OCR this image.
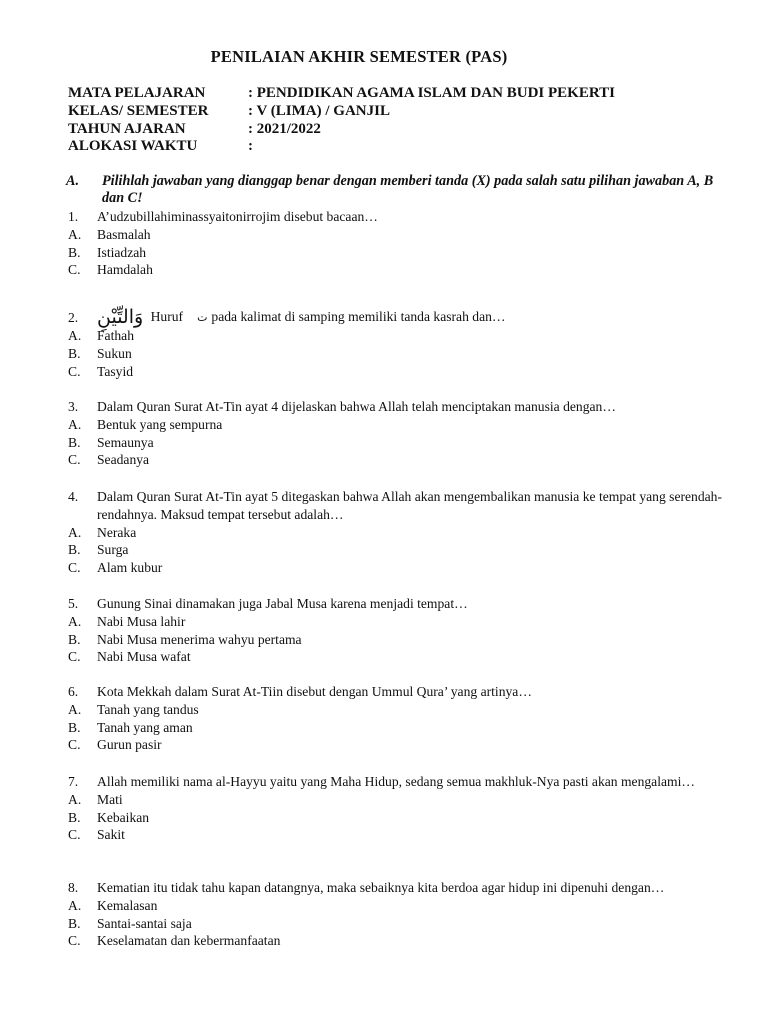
PENILAIAN AKHIR SEMESTER (PAS)
MATA PELAJARAN	: PENDIDIKAN AGAMA ISLAM DAN BUDI PEKERTI
KELAS/ SEMESTER	: V (LIMA) / GANJIL
TAHUN AJARAN	: 2021/2022
ALOKASI WAKTU	:
A. Pilihlah jawaban yang dianggap benar dengan memberi tanda (X) pada salah satu pilihan jawaban A, B dan C!
1.	A’udzubillahiminassyaitonirrojim disebut bacaan…
A.	Basmalah
B.	Istiadzah
C.	Hamdalah
2. وَالتِّيْنِ Huruf ت pada kalimat di samping memiliki tanda kasrah dan…
A.	Fathah
B.	Sukun
C.	Tasyid
3.	Dalam Quran Surat At-Tin ayat 4 dijelaskan bahwa Allah telah menciptakan manusia dengan…
A.	Bentuk yang sempurna
B.	Semaunya
C.	Seadanya
4.	Dalam Quran Surat At-Tin ayat 5 ditegaskan bahwa Allah akan mengembalikan manusia ke tempat yang serendah-rendahnya. Maksud tempat tersebut adalah…
A.	Neraka
B.	Surga
C.	Alam kubur
5.	Gunung Sinai dinamakan juga Jabal Musa karena menjadi tempat…
A.	Nabi Musa lahir
B.	Nabi Musa menerima wahyu pertama
C.	Nabi Musa wafat
6.	Kota Mekkah dalam Surat At-Tiin disebut dengan Ummul Qura’ yang artinya…
A.	Tanah yang tandus
B.	Tanah yang aman
C.	Gurun pasir
7.	Allah memiliki nama al-Hayyu yaitu yang Maha Hidup, sedang semua makhluk-Nya pasti akan mengalami…
A.	Mati
B.	Kebaikan
C.	Sakit
8.	Kematian itu tidak tahu kapan datangnya, maka sebaiknya kita berdoa agar hidup ini dipenuhi dengan…
A.	Kemalasan
B.	Santai-santai saja
C.	Keselamatan dan kebermanfaatan
